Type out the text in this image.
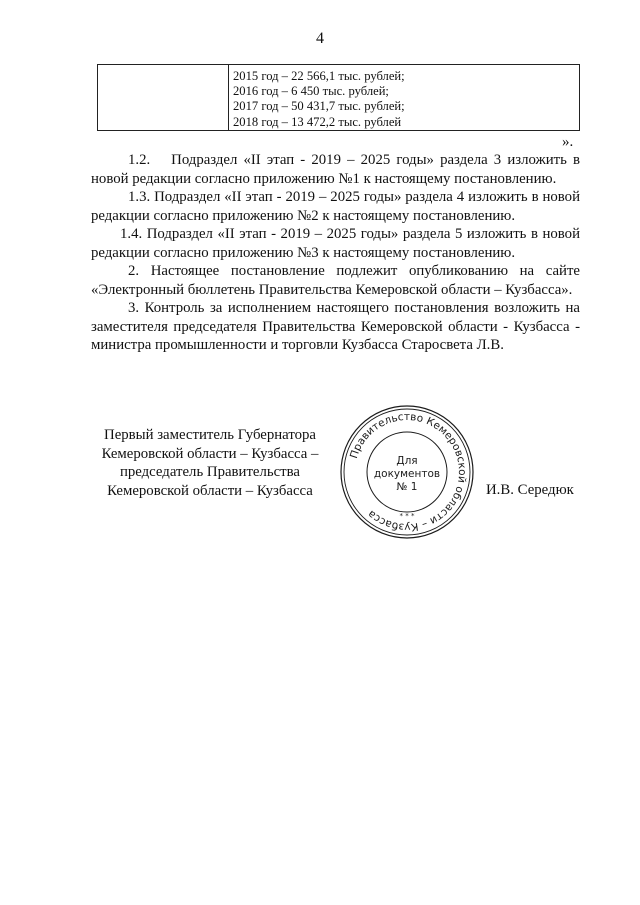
4

2015 год – 22 566,1 тыс. рублей;
2016 год – 6 450 тыс. рублей;
2017 год – 50 431,7 тыс. рублей;
2018 год – 13 472,2 тыс. рублей
».

1.2.  Подраздел «II этап - 2019 – 2025 годы» раздела 3 изложить в новой редакции согласно приложению №1 к настоящему постановлению.

1.3. Подраздел «II этап - 2019 – 2025 годы» раздела 4 изложить в новой редакции согласно приложению №2 к настоящему постановлению.

1.4. Подраздел «II этап - 2019 – 2025 годы» раздела 5 изложить в новой редакции согласно приложению №3 к настоящему постановлению.

2. Настоящее постановление подлежит опубликованию на сайте «Электронный бюллетень Правительства Кемеровской области – Кузбасса».

3. Контроль за исполнением настоящего постановления возложить на заместителя председателя Правительства Кемеровской области - Кузбасса - министра промышленности и торговли Кузбасса Старосвета Л.В.

Первый заместитель Губернатора
Кемеровской области – Кузбасса –
председатель Правительства
Кемеровской области – Кузбасса	И.В. Середюк
Правительство Кемеровской области – Кузбасса	* * *
Для
документов
№ 1
